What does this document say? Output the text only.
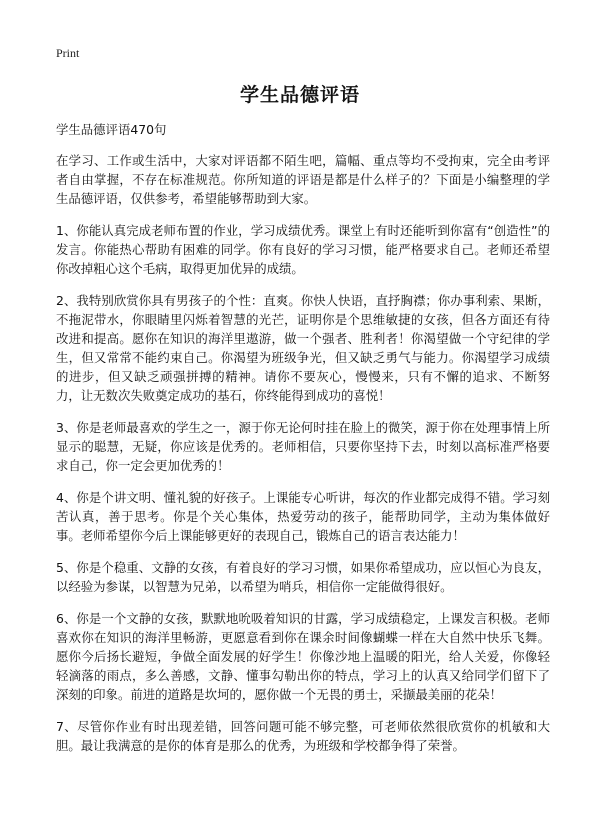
Print
学生品德评语

学生品德评语470句

在学习、工作或生活中，大家对评语都不陌生吧，篇幅、重点等均不受拘束，完全由考评者自由掌握，不存在标准规范。你所知道的评语是都是什么样子的？下面是小编整理的学生品德评语，仅供参考，希望能够帮助到大家。

1、你能认真完成老师布置的作业，学习成绩优秀。课堂上有时还能听到你富有“创造性”的发言。你能热心帮助有困难的同学。你有良好的学习习惯，能严格要求自己。老师还希望你改掉粗心这个毛病，取得更加优异的成绩。

2、我特别欣赏你具有男孩子的个性：直爽。你快人快语，直抒胸襟；你办事利索、果断，不拖泥带水，你眼睛里闪烁着智慧的光芒，证明你是个思维敏捷的女孩，但各方面还有待改进和提高。愿你在知识的海洋里遨游，做一个强者、胜利者！你渴望做一个守纪律的学生，但又常常不能约束自己。你渴望为班级争光，但又缺乏勇气与能力。你渴望学习成绩的进步，但又缺乏顽强拼搏的精神。请你不要灰心，慢慢来，只有不懈的追求、不断努力，让无数次失败奠定成功的基石，你终能得到成功的喜悦！

3、你是老师最喜欢的学生之一，源于你无论何时挂在脸上的微笑，源于你在处理事情上所显示的聪慧，无疑，你应该是优秀的。老师相信，只要你坚持下去，时刻以高标准严格要求自己，你一定会更加优秀的！

4、你是个讲文明、懂礼貌的好孩子。上课能专心听讲，每次的作业都完成得不错。学习刻苦认真，善于思考。你是个关心集体，热爱劳动的孩子，能帮助同学，主动为集体做好事。老师希望你今后上课能够更好的表现自己，锻炼自己的语言表达能力！

5、你是个稳重、文静的女孩，有着良好的学习习惯，如果你希望成功，应以恒心为良友，以经验为参谋，以智慧为兄弟，以希望为哨兵，相信你一定能做得很好。

6、你是一个文静的女孩，默默地吮吸着知识的甘露，学习成绩稳定，上课发言积极。老师喜欢你在知识的海洋里畅游，更愿意看到你在课余时间像蝴蝶一样在大自然中快乐飞舞。愿你今后扬长避短，争做全面发展的好学生！你像沙地上温暖的阳光，给人关爱，你像轻轻滴落的雨点，多么善感，文静、懂事勾勒出你的特点，学习上的认真又给同学们留下了深刻的印象。前进的道路是坎坷的，愿你做一个无畏的勇士，采撷最美丽的花朵！

7、尽管你作业有时出现差错，回答问题可能不够完整，可老师依然很欣赏你的机敏和大胆。最让我满意的是你的体育是那么的优秀，为班级和学校都争得了荣誉。
